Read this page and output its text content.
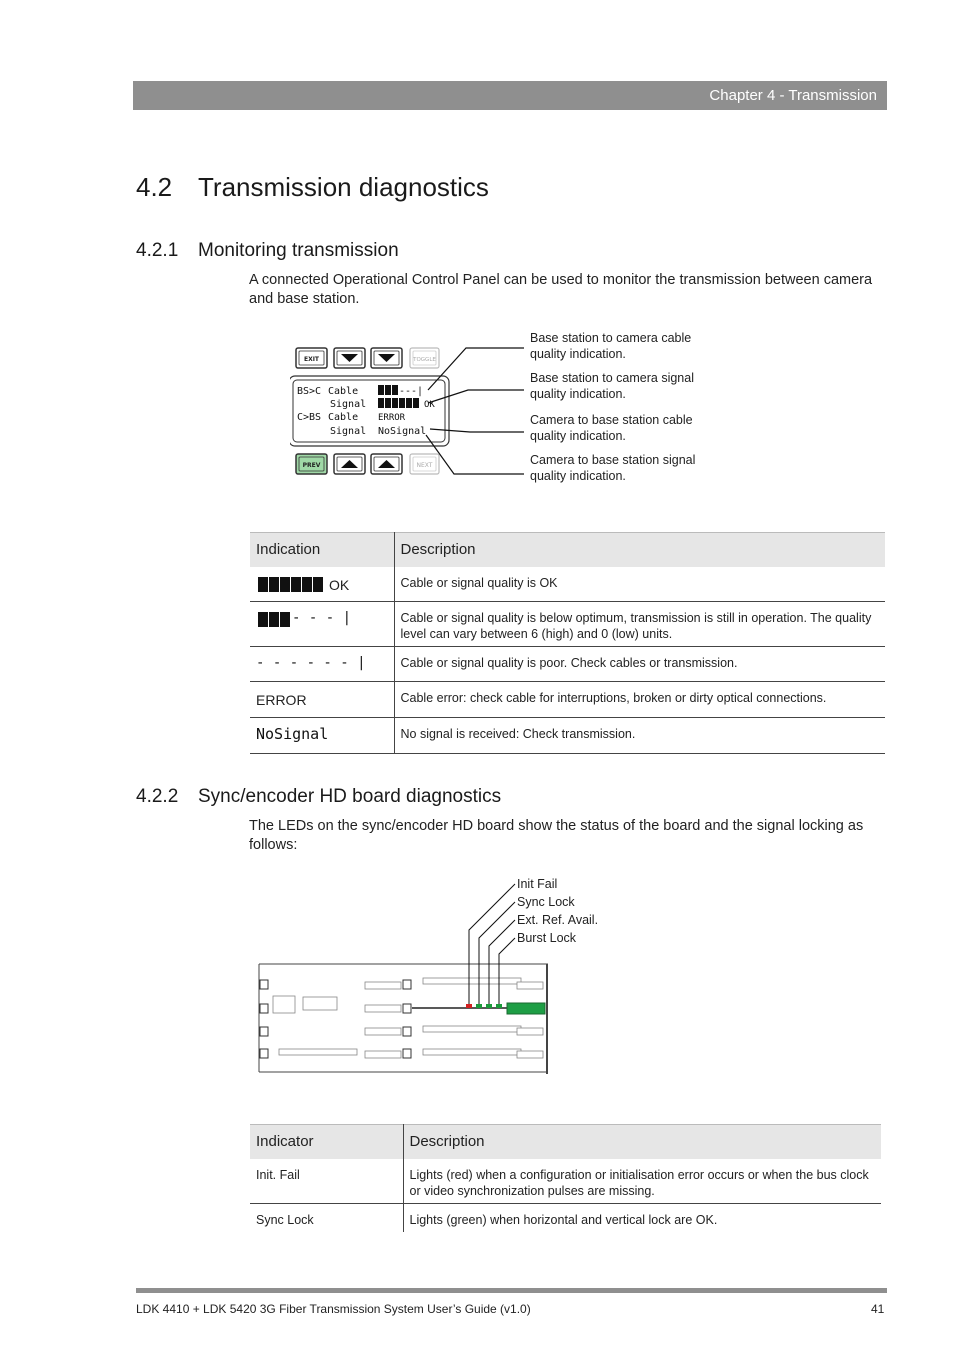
Chapter 4 - Transmission
4.2 Transmission diagnostics
4.2.1 Monitoring transmission
A connected Operational Control Panel can be used to monitor the transmission between camera and base station.
EXIT	TOGGLE
BS>C Cable
Signal
C>BS Cable
Signal
---|
OK
ERROR
NoSignal
PREV	NEXT
Base station to camera cable quality indication.
Base station to camera signal quality indication.
Camera to base station cable quality indication.
Camera to base station signal quality indication.
Indication	Description
OK	Cable or signal quality is OK
- - - |	Cable or signal quality is below optimum, transmission is still in operation. The quality level can vary between 6 (high) and 0 (low) units.
- - - - - - |	Cable or signal quality is poor. Check cables or transmission.
ERROR	Cable error: check cable for interruptions, broken or dirty optical connections.
NoSignal	No signal is received: Check transmission.
4.2.2 Sync/encoder HD board diagnostics
The LEDs on the sync/encoder HD board show the status of the board and the signal locking as follows:
Init Fail
Sync Lock
Ext. Ref. Avail.
Burst Lock
Indicator	Description
Init. Fail	Lights (red) when a configuration or initialisation error occurs or when the bus clock or video synchronization pulses are missing.
Sync Lock	Lights (green) when horizontal and vertical lock are OK.
LDK 4410 + LDK 5420 3G Fiber Transmission System User’s Guide (v1.0)	41
